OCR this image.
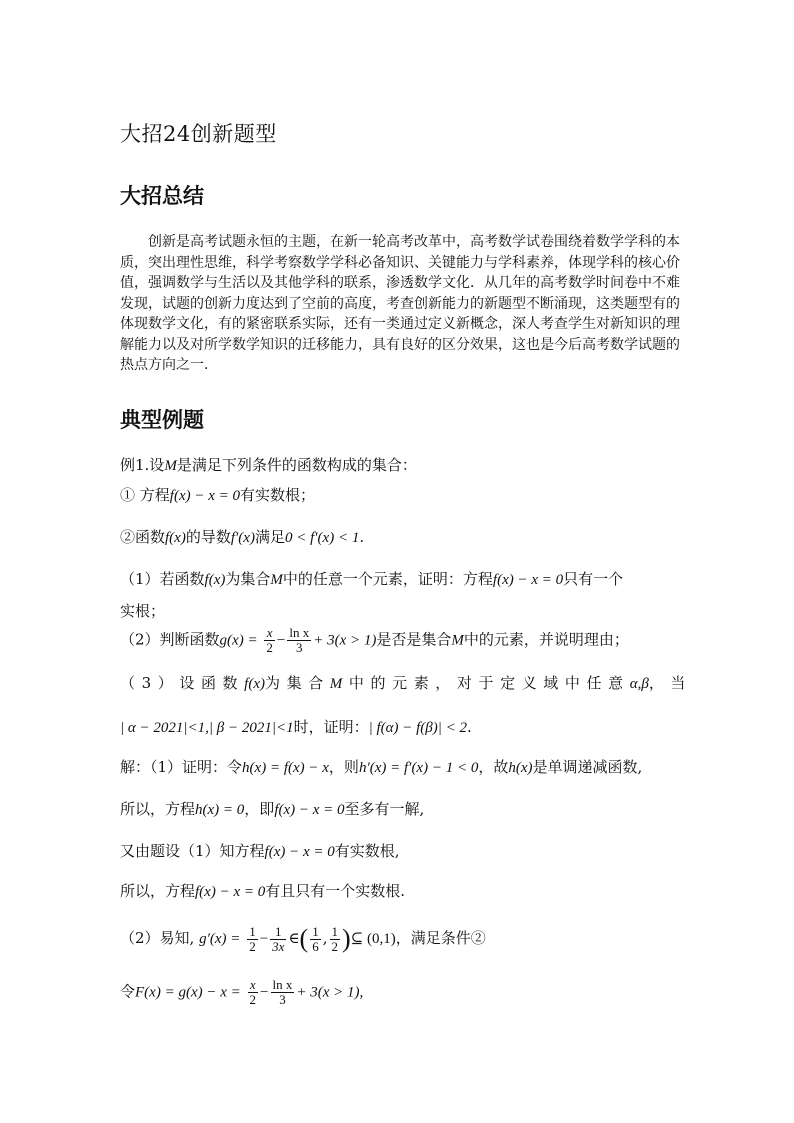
大招24创新题型
大招总结

创新是高考试题永恒的主题，在新一轮高考改革中，高考数学试卷围绕着数学学科的本质，突出理性思维，科学考察数学学科必备知识、关键能力与学科素养，体现学科的核心价值，强调数学与生活以及其他学科的联系，渗透数学文化．从几年的高考数学时间卷中不难发现，试题的创新力度达到了空前的高度，考查创新能力的新题型不断涌现，这类题型有的体现数学文化，有的紧密联系实际，还有一类通过定义新概念，深人考查学生对新知识的理解能力以及对所学数学知识的迁移能力，具有良好的区分效果，这也是今后高考数学试题的热点方向之一．

典型例题
例1.设M是满足下列条件的函数构成的集合：
① 方程f(x) − x = 0有实数根；
②函数f(x)的导数f′(x)满足0 < f′(x) < 1.
（1）若函数f(x)为集合M中的任意一个元素，证明：方程f(x) − x = 0只有一个
实根；
（2）判断函数$g(x) = \frac{x}{2} - \frac{\text{ln x}}{3} + 3(x > 1)$是否是集合M中的元素，并说明理由；
（3）设函数f(x)为集合M中的元素，对于定义域中任意α,β，当
| α − 2021|<1,| β − 2021|<1时，证明：| f(α) − f(β)| < 2.
解：（1）证明：令h(x) = f(x) − x，则h′(x) = f′(x) − 1 < 0，故h(x)是单调递减函数,
所以，方程h(x) = 0，即f(x) − x = 0至多有一解,
又由题设（1）知方程f(x) − x = 0有实数根,
所以，方程f(x) − x = 0有且只有一个实数根.
（2）易知, $g'(x) = \frac{1}{2} - \frac{1}{3x}$ ∈( $\frac{1}{6}$ , $\frac{1}{2}$ )⊆ (0,1)，满足条件②
令$F(x) = g(x) - x = \frac{x}{2} - \frac{\text{ln x}}{3} + 3(x > 1)$,
